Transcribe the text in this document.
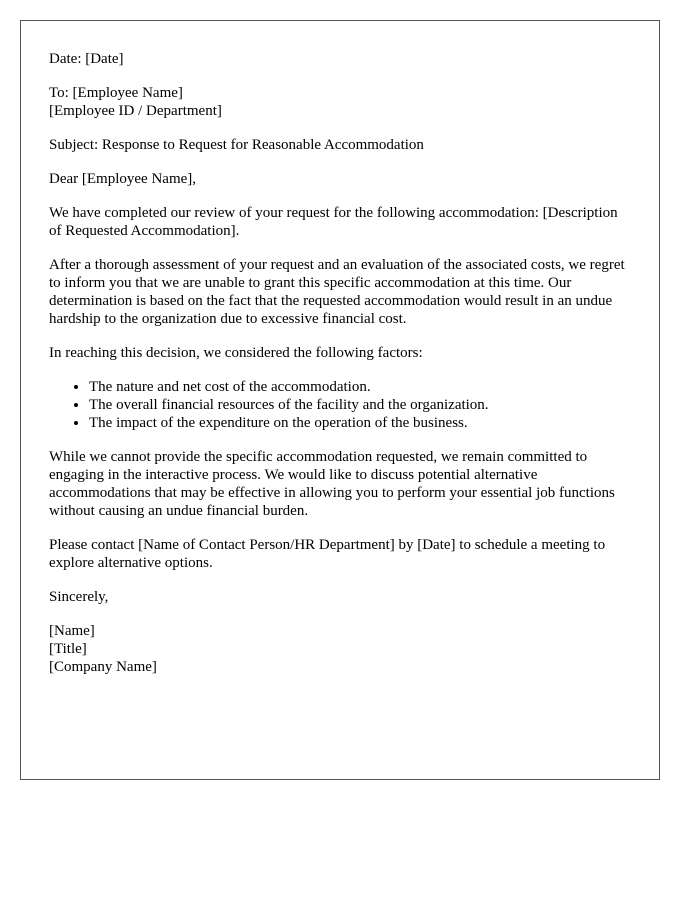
Date: [Date]

To: [Employee Name]
[Employee ID / Department]

Subject: Response to Request for Reasonable Accommodation

Dear [Employee Name],

We have completed our review of your request for the following accommodation: [Description of Requested Accommodation].

After a thorough assessment of your request and an evaluation of the associated costs, we regret to inform you that we are unable to grant this specific accommodation at this time. Our determination is based on the fact that the requested accommodation would result in an undue hardship to the organization due to excessive financial cost.

In reaching this decision, we considered the following factors:

• The nature and net cost of the accommodation.
• The overall financial resources of the facility and the organization.
• The impact of the expenditure on the operation of the business.

While we cannot provide the specific accommodation requested, we remain committed to engaging in the interactive process. We would like to discuss potential alternative accommodations that may be effective in allowing you to perform your essential job functions without causing an undue financial burden.

Please contact [Name of Contact Person/HR Department] by [Date] to schedule a meeting to explore alternative options.

Sincerely,

[Name]
[Title]
[Company Name]
